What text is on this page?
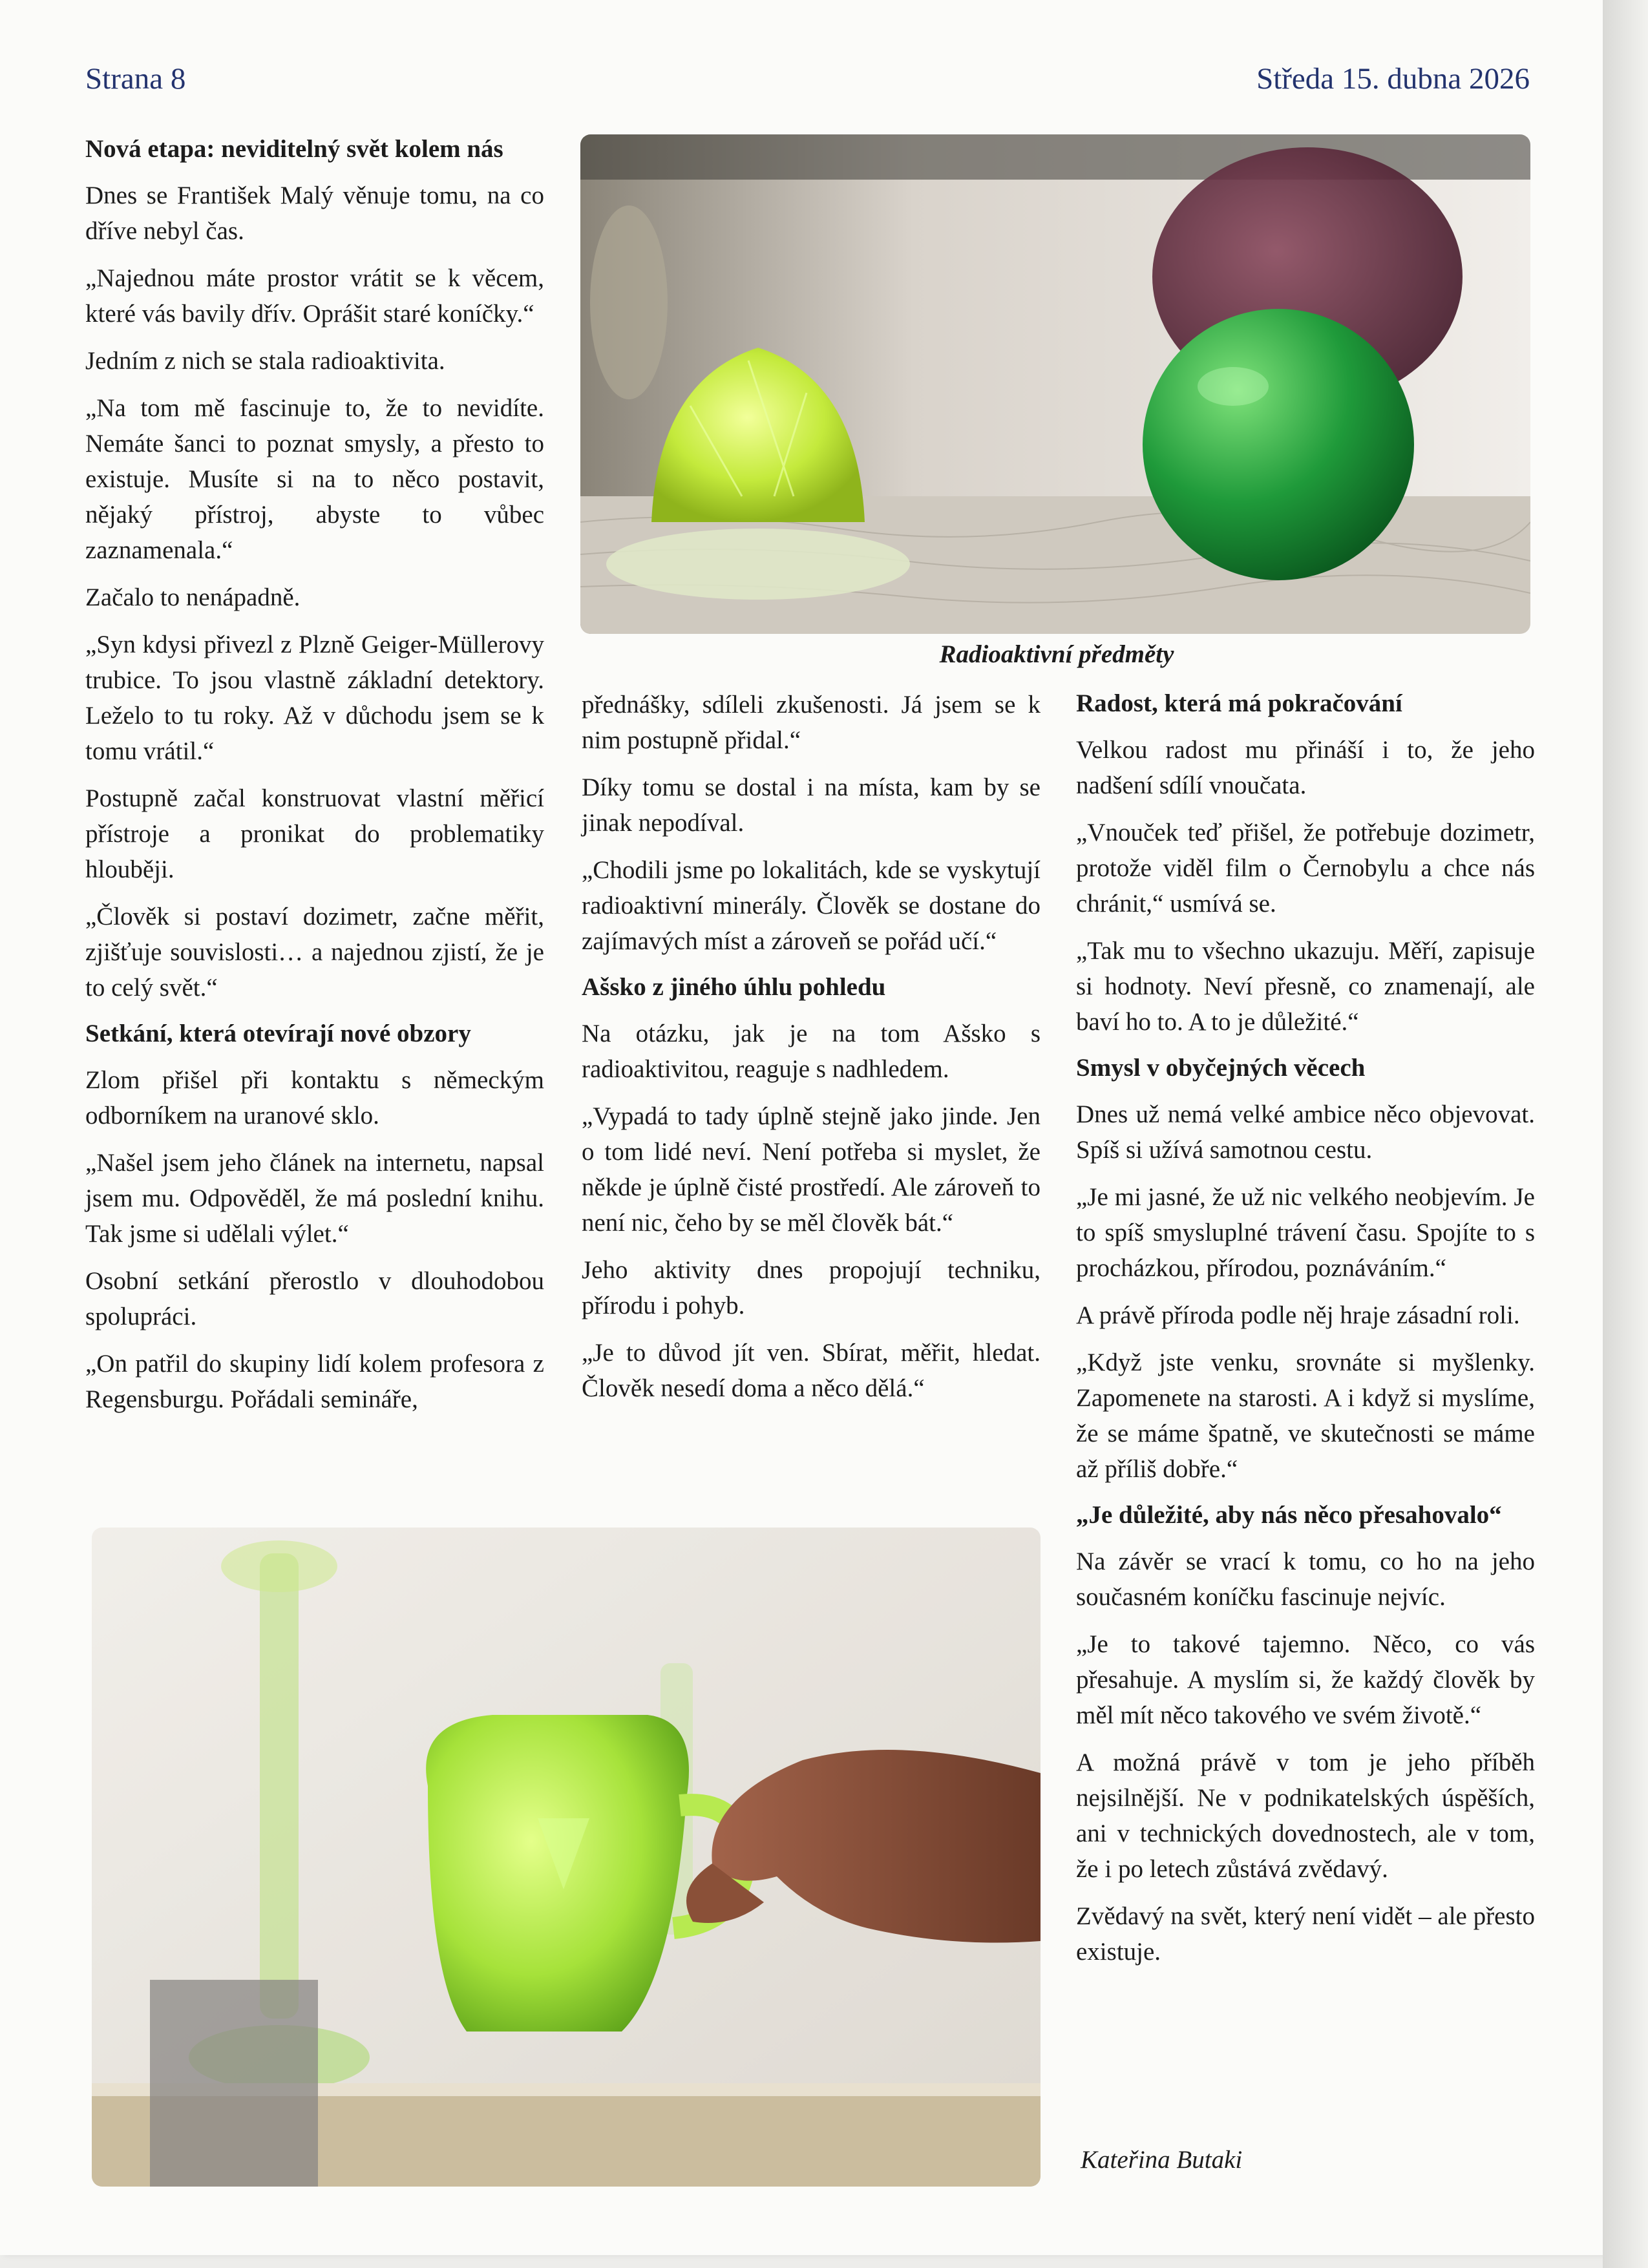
Strana 8	Středa 15. dubna 2026
Nová etapa: neviditelný svět kolem nás

Dnes se František Malý věnuje tomu, na co dříve nebyl čas.

„Najednou máte prostor vrátit se k věcem, které vás bavily dřív. Oprášit staré koníčky.“

Jedním z nich se stala radioaktivita.

„Na tom mě fascinuje to, že to nevidíte. Nemáte šanci to poznat smysly, a přesto to existuje. Musíte si na to něco postavit, nějaký přístroj, abyste to vůbec zaznamenala.“

Začalo to nenápadně.

„Syn kdysi přivezl z Plzně Geiger-Müllerovy trubice. To jsou vlastně základní detektory. Leželo to tu roky. Až v důchodu jsem se k tomu vrátil.“

Postupně začal konstruovat vlastní měřicí přístroje a pronikat do problematiky hlouběji.

„Člověk si postaví dozimetr, začne měřit, zjišťuje souvislosti… a najednou zjistí, že je to celý svět.“

Setkání, která otevírají nové obzory

Zlom přišel při kontaktu s německým odborníkem na uranové sklo.

„Našel jsem jeho článek na internetu, napsal jsem mu. Odpověděl, že má poslední knihu. Tak jsme si udělali výlet.“

Osobní setkání přerostlo v dlouhodobou spolupráci.

„On patřil do skupiny lidí kolem profesora z Regensburgu. Pořádali semináře,

Radioaktivní předměty

přednášky, sdíleli zkušenosti. Já jsem se k nim postupně přidal.“

Díky tomu se dostal i na místa, kam by se jinak nepodíval.

„Chodili jsme po lokalitách, kde se vyskytují radioaktivní minerály. Člověk se dostane do zajímavých míst a zároveň se pořád učí.“

Ašsko z jiného úhlu pohledu

Na otázku, jak je na tom Ašsko s radioaktivitou, reaguje s nadhledem.

„Vypadá to tady úplně stejně jako jinde. Jen o tom lidé neví. Není potřeba si myslet, že někde je úplně čisté prostředí. Ale zároveň to není nic, čeho by se měl člověk bát.“

Jeho aktivity dnes propojují techniku, přírodu i pohyb.

„Je to důvod jít ven. Sbírat, měřit, hledat. Člověk nesedí doma a něco dělá.“

Radost, která má pokračování

Velkou radost mu přináší i to, že jeho nadšení sdílí vnoučata.

„Vnouček teď přišel, že potřebuje dozimetr, protože viděl film o Černobylu a chce nás chránit,“ usmívá se.

„Tak mu to všechno ukazuju. Měří, zapisuje si hodnoty. Neví přesně, co znamenají, ale baví ho to. A to je důležité.“

Smysl v obyčejných věcech

Dnes už nemá velké ambice něco objevovat. Spíš si užívá samotnou cestu.

„Je mi jasné, že už nic velkého neobjevím. Je to spíš smysluplné trávení času. Spojíte to s procházkou, přírodou, poznáváním.“

A právě příroda podle něj hraje zásadní roli.

„Když jste venku, srovnáte si myšlenky. Zapomenete na starosti. A i když si myslíme, že se máme špatně, ve skutečnosti se máme až příliš dobře.“

„Je důležité, aby nás něco přesahovalo“

Na závěr se vrací k tomu, co ho na jeho současném koníčku fascinuje nejvíc.

„Je to takové tajemno. Něco, co vás přesahuje. A myslím si, že každý člověk by měl mít něco takového ve svém životě.“

A možná právě v tom je jeho příběh nejsilnější. Ne v podnikatelských úspěších, ani v technických dovednostech, ale v tom, že i po letech zůstává zvědavý.

Zvědavý na svět, který není vidět – ale přesto existuje.

Kateřina Butaki
